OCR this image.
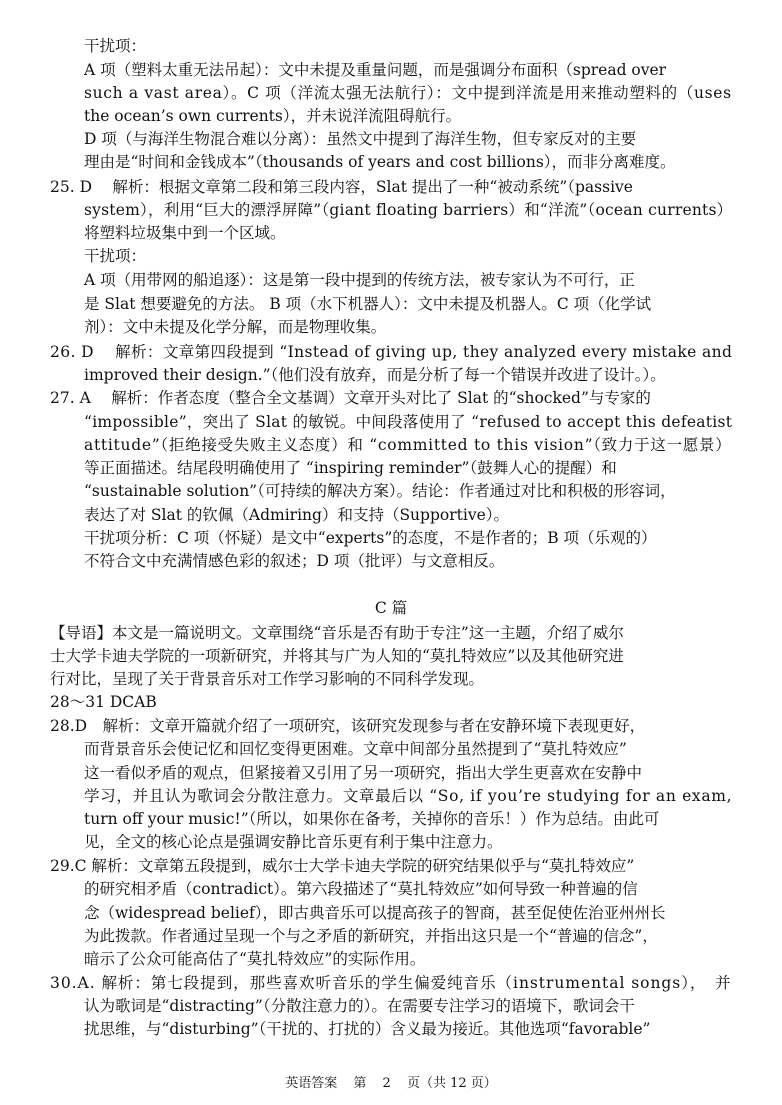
干扰项：
A 项（塑料太重无法吊起）：文中未提及重量问题，而是强调分布面积（spread over
such a vast area）。C 项（洋流太强无法航行）：文中提到洋流是用来推动塑料的（uses
the ocean’s own currents），并未说洋流阻碍航行。
D 项（与海洋生物混合难以分离）：虽然文中提到了海洋生物，但专家反对的主要
理由是“时间和金钱成本”（thousands of years and cost billions），而非分离难度。
25. D　 解析：根据文章第二段和第三段内容，Slat 提出了一种“被动系统”（passive
system），利用“巨大的漂浮屏障”（giant floating barriers）和“洋流”（ocean currents）
将塑料垃圾集中到一个区域。
干扰项：
A 项（用带网的船追逐）：这是第一段中提到的传统方法，被专家认为不可行，正
是 Slat 想要避免的方法。 B 项（水下机器人）：文中未提及机器人。C 项（化学试
剂）：文中未提及化学分解，而是物理收集。
26. D　 解析：文章第四段提到 “Instead of giving up, they analyzed every mistake and
improved their design.”（他们没有放弃，而是分析了每一个错误并改进了设计。）。
27. A　 解析：作者态度（整合全文基调）文章开头对比了 Slat 的“shocked”与专家的
“impossible”，突出了 Slat 的敏锐。中间段落使用了 “refused to accept this defeatist
attitude”（拒绝接受失败主义态度）和 “committed to this vision”（致力于这一愿景）
等正面描述。结尾段明确使用了 “inspiring reminder”（鼓舞人心的提醒）和
“sustainable solution”（可持续的解决方案）。结论：作者通过对比和积极的形容词，
表达了对 Slat 的钦佩（Admiring）和支持（Supportive）。
干扰项分析：C 项（怀疑）是文中“experts”的态度，不是作者的；B 项（乐观的）
不符合文中充满情感色彩的叙述；D 项（批评）与文意相反。
C 篇
【导语】本文是一篇说明文。文章围绕“音乐是否有助于专注”这一主题，介绍了威尔
士大学卡迪夫学院的一项新研究，并将其与广为人知的“莫扎特效应”以及其他研究进
行对比，呈现了关于背景音乐对工作学习影响的不同科学发现。
28～31 DCAB
28.D　解析：文章开篇就介绍了一项研究，该研究发现参与者在安静环境下表现更好，
而背景音乐会使记忆和回忆变得更困难。文章中间部分虽然提到了“莫扎特效应”
这一看似矛盾的观点，但紧接着又引用了另一项研究，指出大学生更喜欢在安静中
学习，并且认为歌词会分散注意力。文章最后以 “So, if you’re studying for an exam,
turn off your music!”（所以，如果你在备考，关掉你的音乐！）作为总结。由此可
见，全文的核心论点是强调安静比音乐更有利于集中注意力。
29.C 解析：文章第五段提到，威尔士大学卡迪夫学院的研究结果似乎与“莫扎特效应”
的研究相矛盾（contradict）。第六段描述了“莫扎特效应”如何导致一种普遍的信
念（widespread belief），即古典音乐可以提高孩子的智商，甚至促使佐治亚州州长
为此拨款。作者通过呈现一个与之矛盾的新研究，并指出这只是一个“普遍的信念”，
暗示了公众可能高估了“莫扎特效应”的实际作用。
30.A. 解析：第七段提到，那些喜欢听音乐的学生偏爱纯音乐（instrumental songs），　并
认为歌词是“distracting”（分散注意力的）。在需要专注学习的语境下，歌词会干
扰思维，与“disturbing”（干扰的、打扰的）含义最为接近。其他选项“favorable”
英语答案 第 2 页（共 12 页）
